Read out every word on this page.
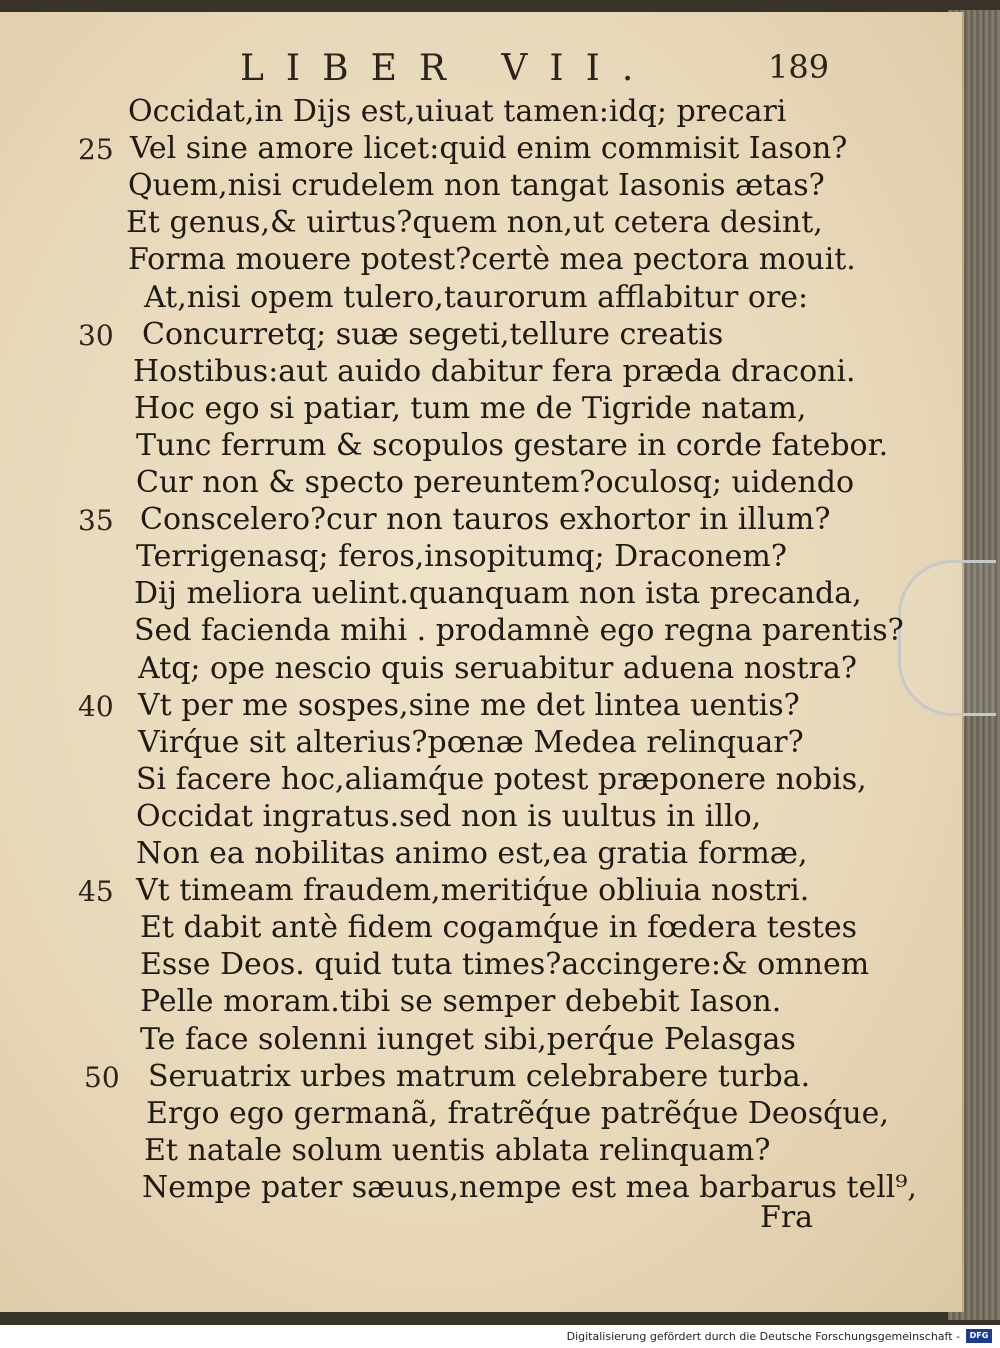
LIBER VII.	189
Occidat,in Dijs est,uiuat tamen:idq; precari
Vel sine amore licet:quid enim commisit Iason?
25
Quem,nisi crudelem non tangat Iasonis ætas?
Et genus,& uirtus?quem non,ut cetera desint,
Forma mouere potest?certè mea pectora mouit.
At,nisi opem tulero,taurorum afflabitur ore:
Concurretq; suæ segeti,tellure creatis
30
Hostibus:aut auido dabitur fera præda draconi.
Hoc ego si patiar, tum me de Tigride natam,
Tunc ferrum & scopulos gestare in corde fatebor.
Cur non & specto pereuntem?oculosq; uidendo
Conscelero?cur non tauros exhortor in illum?
35
Terrigenasq; feros,insopitumq; Draconem?
Dij meliora uelint.quanquam non ista precanda,
Sed facienda mihi . prodamnè ego regna parentis?
Atq; ope nescio quis seruabitur aduena nostra?
Vt per me sospes,sine me det lintea uentis?
40
Virq́ue sit alterius?pœnæ Medea relinquar?
Si facere hoc,aliamq́ue potest præponere nobis,
Occidat ingratus.sed non is uultus in illo,
Non ea nobilitas animo est,ea gratia formæ,
Vt timeam fraudem,meritiq́ue obliuia nostri.
45
Et dabit antè fidem cogamq́ue in fœdera testes
Esse Deos. quid tuta times?accingere:& omnem
Pelle moram.tibi se semper debebit Iason.
Te face solenni iunget sibi,perq́ue Pelasgas
Seruatrix urbes matrum celebrabere turba.
50
Ergo ego germanã, fratrẽq́ue patrẽq́ue Deosq́ue,
Et natale solum uentis ablata relinquam?
Nempe pater sæuus,nempe est mea barbarus tell⁹,
Fra
Digitalisierung gefördert durch die Deutsche Forschungsgemeinschaft -	DFG
